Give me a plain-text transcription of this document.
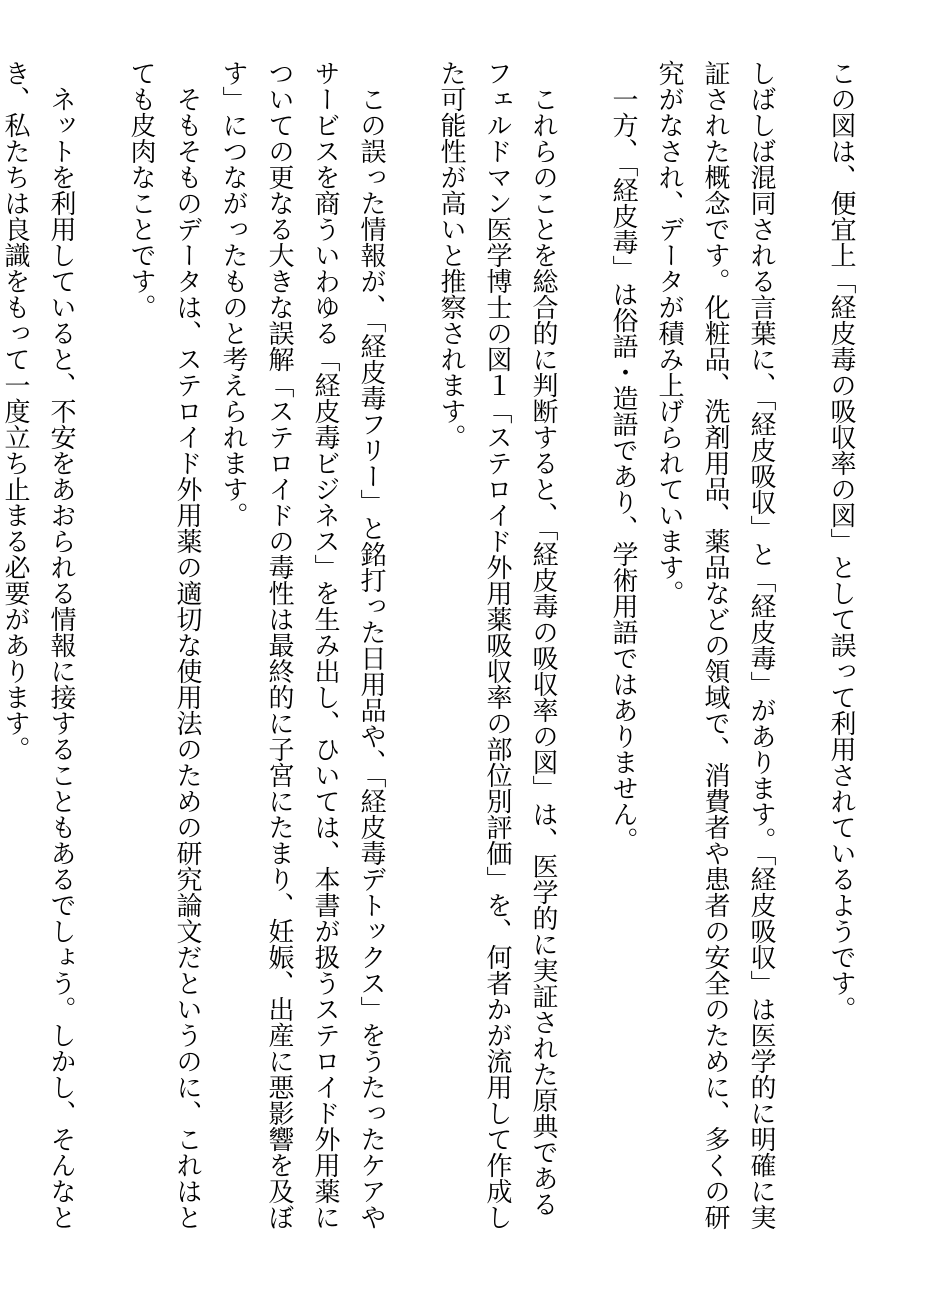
この図は、便宜上「経皮毒の吸収率の図」として誤って利用されているようです。

しばしば混同される言葉に、「経皮吸収」と「経皮毒」があります。「経皮吸収」は医学的に明確に実証された概念です。化粧品、洗剤用品、薬品などの領域で、消費者や患者の安全のために、多くの研究がなされ、データが積み上げられています。

一方、「経皮毒」は俗語・造語であり、学術用語ではありません。

これらのことを総合的に判断すると、「経皮毒の吸収率の図」は、医学的に実証された原典であるフェルドマン医学博士の図１「ステロイド外用薬吸収率の部位別評価」を、何者かが流用して作成した可能性が高いと推察されます。

この誤った情報が、「経皮毒フリー」と銘打った日用品や、「経皮毒デトックス」をうたったケアやサービスを商ういわゆる「経皮毒ビジネス」を生み出し、ひいては、本書が扱うステロイド外用薬についての更なる大きな誤解「ステロイドの毒性は最終的に子宮にたまり、妊娠、出産に悪影響を及ぼす」につながったものと考えられます。

そもそものデータは、ステロイド外用薬の適切な使用法のための研究論文だというのに、これはとても皮肉なことです。

ネットを利用していると、不安をあおられる情報に接することもあるでしょう。しかし、そんなとき、私たちは良識をもって一度立ち止まる必要があります。
